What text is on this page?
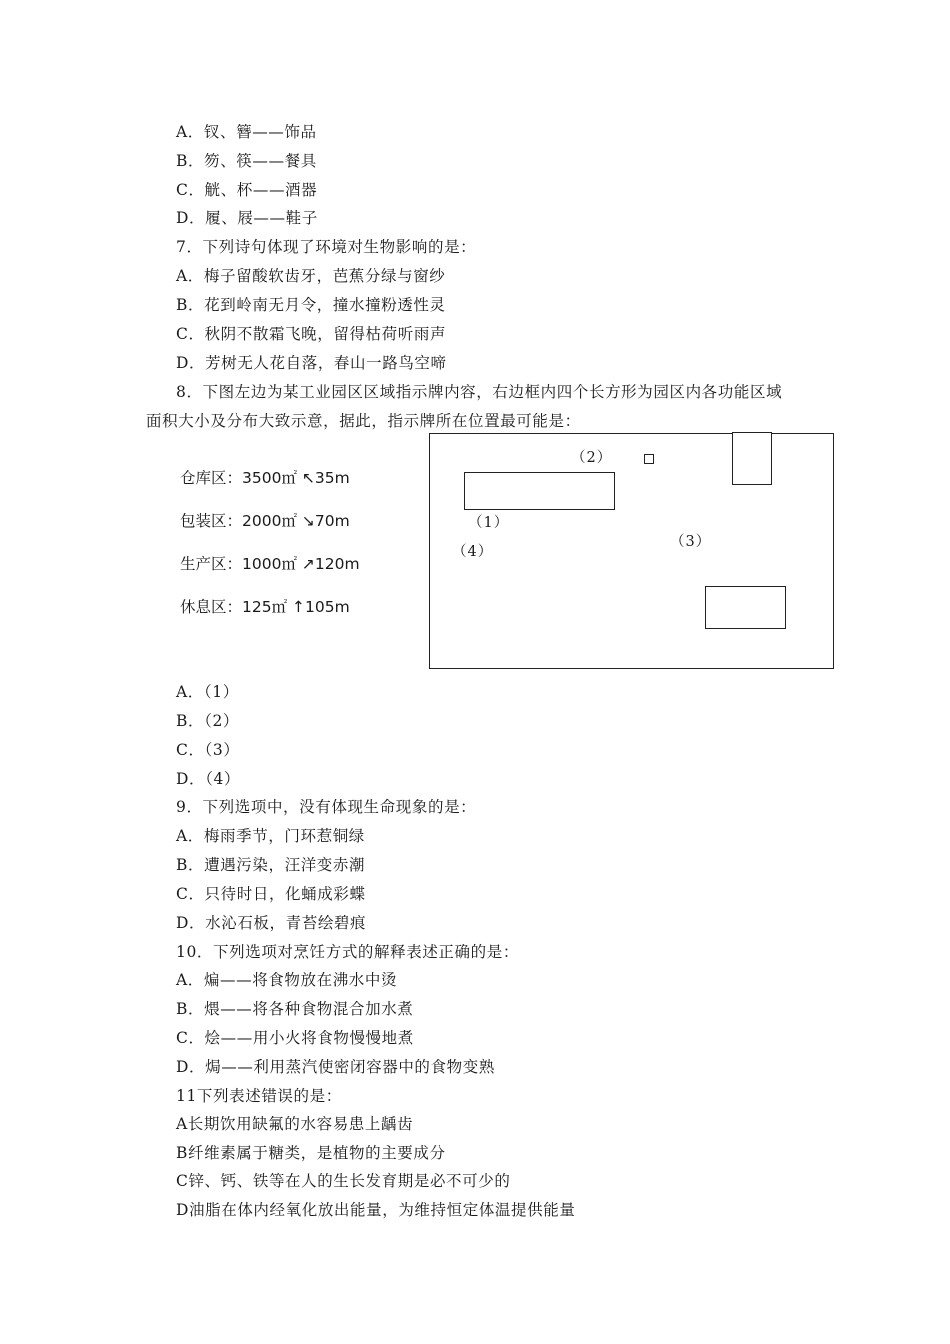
A．钗、簪——饰品
B．笏、筷——餐具
C．觥、杯——酒器
D．履、屐——鞋子
7．下列诗句体现了环境对生物影响的是：
A．梅子留酸软齿牙，芭蕉分绿与窗纱
B．花到岭南无月令，撞水撞粉透性灵
C．秋阴不散霜飞晚，留得枯荷听雨声
D．芳树无人花自落，春山一路鸟空啼
8．下图左边为某工业园区区域指示牌内容，右边框内四个长方形为园区内各功能区域
面积大小及分布大致示意，据此，指示牌所在位置最可能是：
仓库区：3500㎡ ↖35m
包装区：2000㎡ ↘70m
生产区：1000㎡ ↗120m
休息区：125㎡ ↑105m
（2）
（1）
（4）
（3）
A．（1）
B．（2）
C．（3）
D．（4）
9．下列选项中，没有体现生命现象的是：
A．梅雨季节，门环惹铜绿
B．遭遇污染，汪洋变赤潮
C．只待时日，化蛹成彩蝶
D．水沁石板，青苔绘碧痕
10．下列选项对烹饪方式的解释表述正确的是：
A．煸——将食物放在沸水中烫
B．煨——将各种食物混合加水煮
C．烩——用小火将食物慢慢地煮
D．焗——利用蒸汽使密闭容器中的食物变熟
11下列表述错误的是：
A长期饮用缺氟的水容易患上龋齿
B纤维素属于糖类，是植物的主要成分
C锌、钙、铁等在人的生长发育期是必不可少的
D油脂在体内经氧化放出能量，为维持恒定体温提供能量
